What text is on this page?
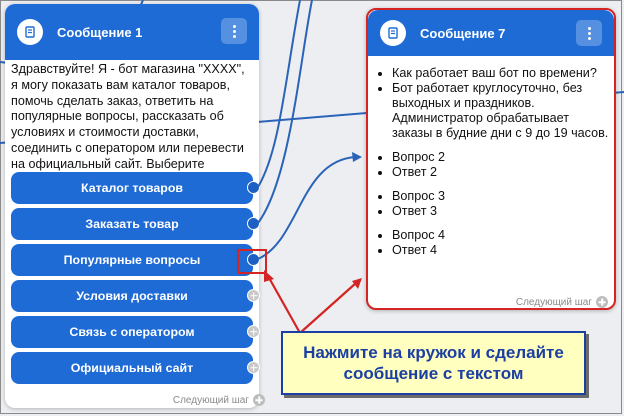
Сообщение 1
Здравствуйте! Я - бот магазина "XXXX", я могу показать вам каталог товаров, помочь сделать заказ, ответить на популярные вопросы, рассказать об условиях и стоимости доставки, соединить с оператором или перевести на официальный сайт. Выберите
Каталог товаров
Заказать товар
Популярные вопросы
Условия доставки
Связь с оператором
Официальный сайт
Следующий шаг
Сообщение 7
• Как работает ваш бот по времени?
• Бот работает круглосуточно, без выходных и праздников. Администратор обрабатывает заказы в будние дни с 9 до 19 часов.
• Вопрос 2
• Ответ 2
• Вопрос 3
• Ответ 3
• Вопрос 4
• Ответ 4
Следующий шаг
Нажмите на кружок и сделайте
сообщение с текстом
